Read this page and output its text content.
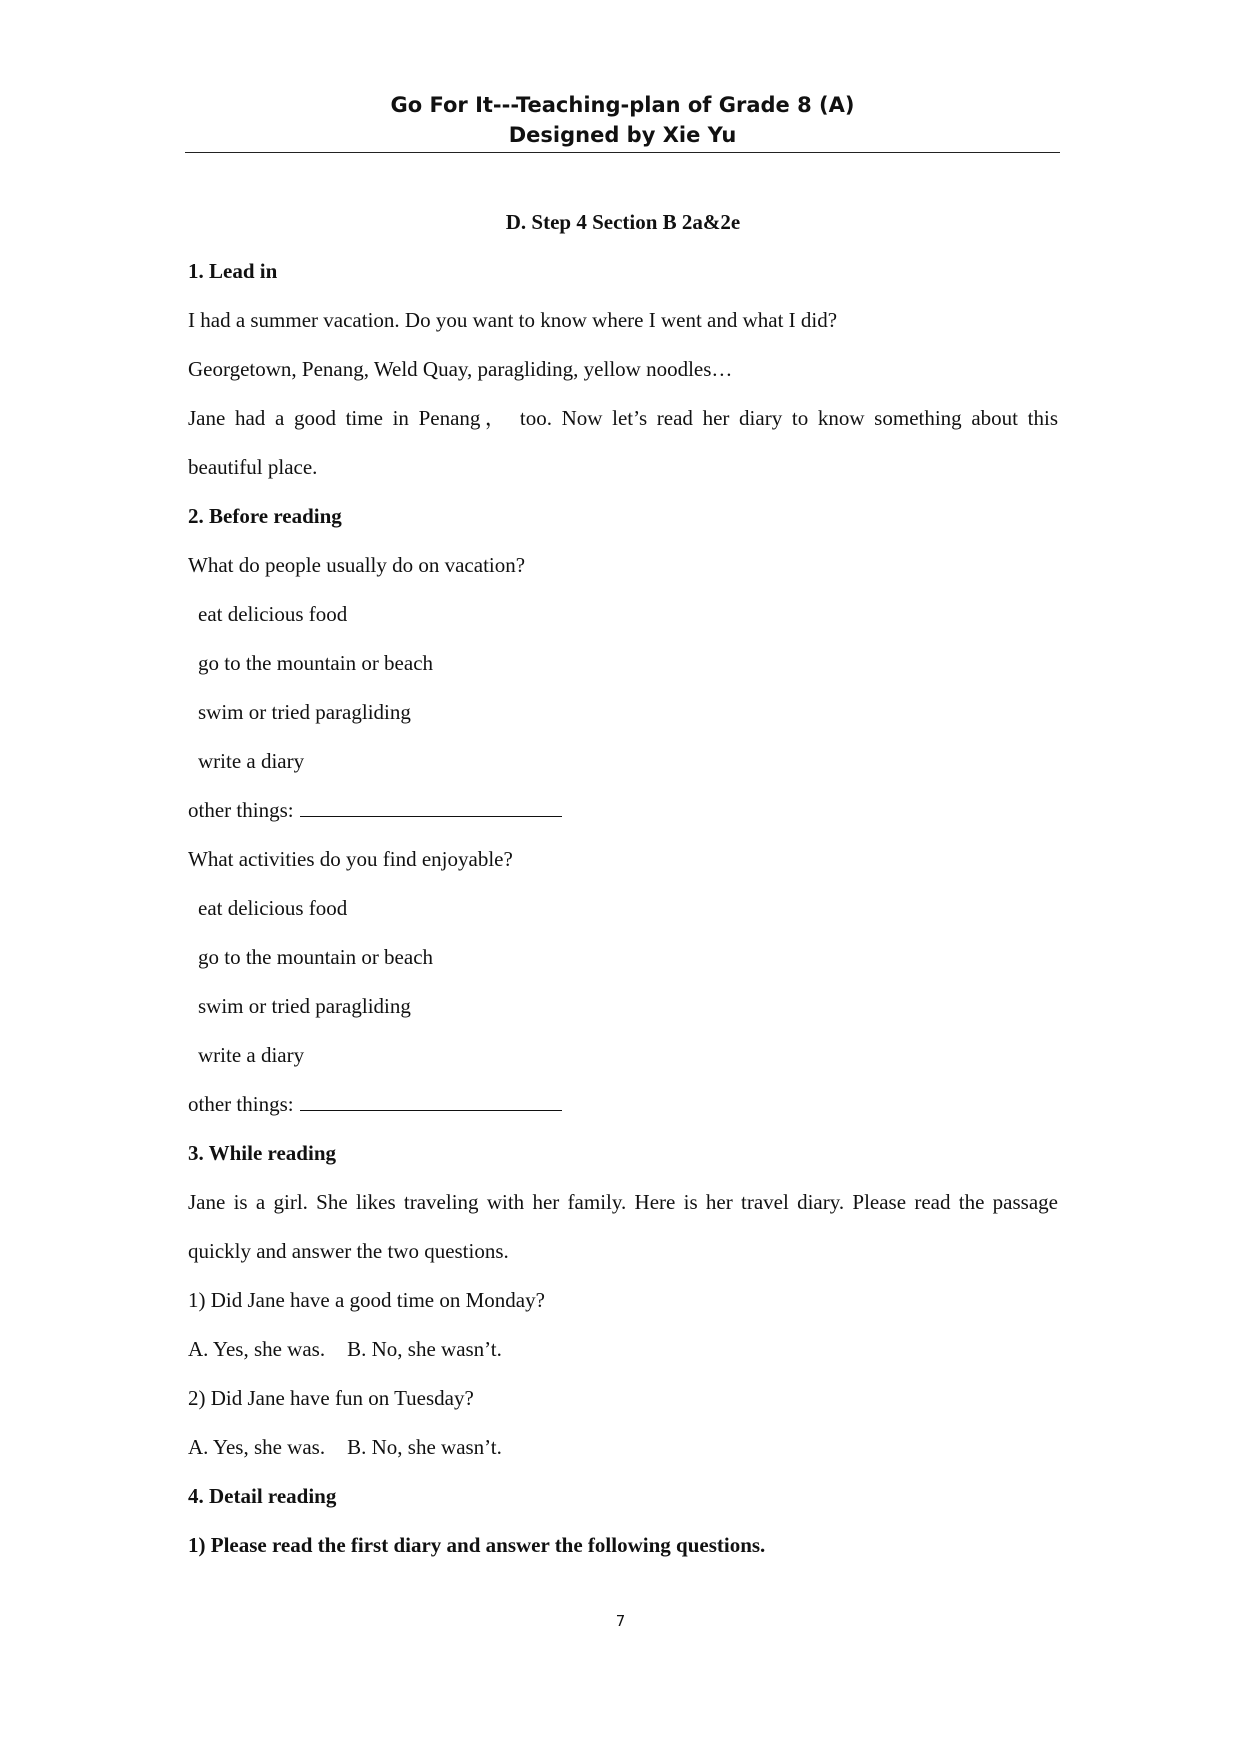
Go For It---Teaching-plan of Grade 8 (A)
Designed by Xie Yu
D. Step 4 Section B 2a&2e
1. Lead in
I had a summer vacation. Do you want to know where I went and what I did?
Georgetown, Penang, Weld Quay, paragliding, yellow noodles…
Jane had a good time in Penang， too. Now let’s read her diary to know something about this
beautiful place.
2. Before reading
What do people usually do on vacation?
eat delicious food
go to the mountain or beach
swim or tried paragliding
write a diary
other things:
What activities do you find enjoyable?
eat delicious food
go to the mountain or beach
swim or tried paragliding
write a diary
other things:
3. While reading
Jane is a girl. She likes traveling with her family. Here is her travel diary. Please read the passage
quickly and answer the two questions.
1) Did Jane have a good time on Monday?
A. Yes, she was. B. No, she wasn’t.
2) Did Jane have fun on Tuesday?
A. Yes, she was. B. No, she wasn’t.
4. Detail reading
1) Please read the first diary and answer the following questions.
7
